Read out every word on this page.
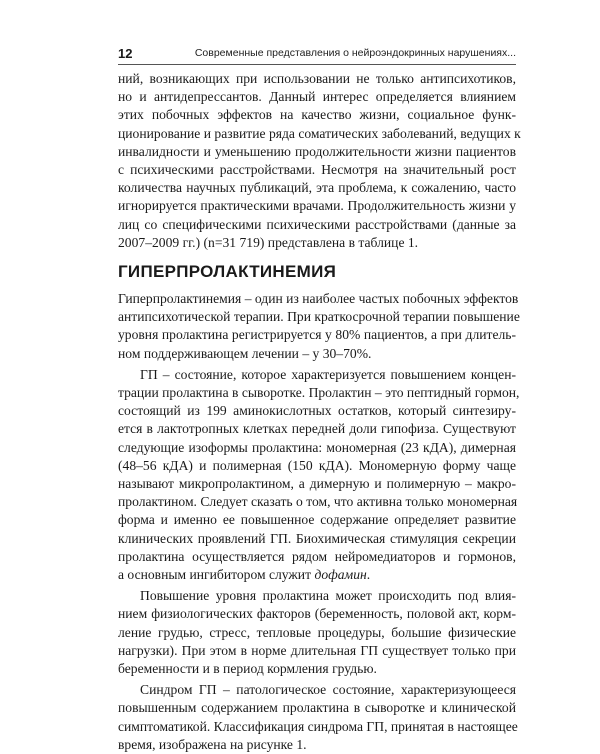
12	Современные представления о нейроэндокринных нарушениях...
ний, возникающих при использовании не только антипсихотиков,
но и антидепрессантов. Данный интерес определяется влиянием
этих побочных эффектов на качество жизни, социальное функ-
ционирование и развитие ряда соматических заболеваний, ведущих к
инвалидности и уменьшению продолжительности жизни пациентов
с психическими расстройствами. Несмотря на значительный рост
количества научных публикаций, эта проблема, к сожалению, часто
игнорируется практическими врачами. Продолжительность жизни у
лиц со специфическими психическими расстройствами (данные за
2007–2009 гг.) (n=31 719) представлена в таблице 1.
ГИПЕРПРОЛАКТИНЕМИЯ
Гиперпролактинемия – один из наиболее частых побочных эффектов
антипсихотической терапии. При краткосрочной терапии повышение
уровня пролактина регистрируется у 80% пациентов, а при длитель-
ном поддерживающем лечении – у 30–70%.
ГП – состояние, которое характеризуется повышением концен-
трации пролактина в сыворотке. Пролактин – это пептидный гормон,
состоящий из 199 аминокислотных остатков, который синтезиру-
ется в лактотропных клетках передней доли гипофиза. Существуют
следующие изоформы пролактина: мономерная (23 кДА), димерная
(48–56 кДА) и полимерная (150 кДА). Мономерную форму чаще
называют микропролактином, а димерную и полимерную – макро-
пролактином. Следует сказать о том, что активна только мономерная
форма и именно ее повышенное содержание определяет развитие
клинических проявлений ГП. Биохимическая стимуляция секреции
пролактина осуществляется рядом нейромедиаторов и гормонов,
а основным ингибитором служит дофамин.
Повышение уровня пролактина может происходить под влия-
нием физиологических факторов (беременность, половой акт, корм-
ление грудью, стресс, тепловые процедуры, большие физические
нагрузки). При этом в норме длительная ГП существует только при
беременности и в период кормления грудью.
Синдром ГП – патологическое состояние, характеризующееся
повышенным содержанием пролактина в сыворотке и клинической
симптоматикой. Классификация синдрома ГП, принятая в настоящее
время, изображена на рисунке 1.
